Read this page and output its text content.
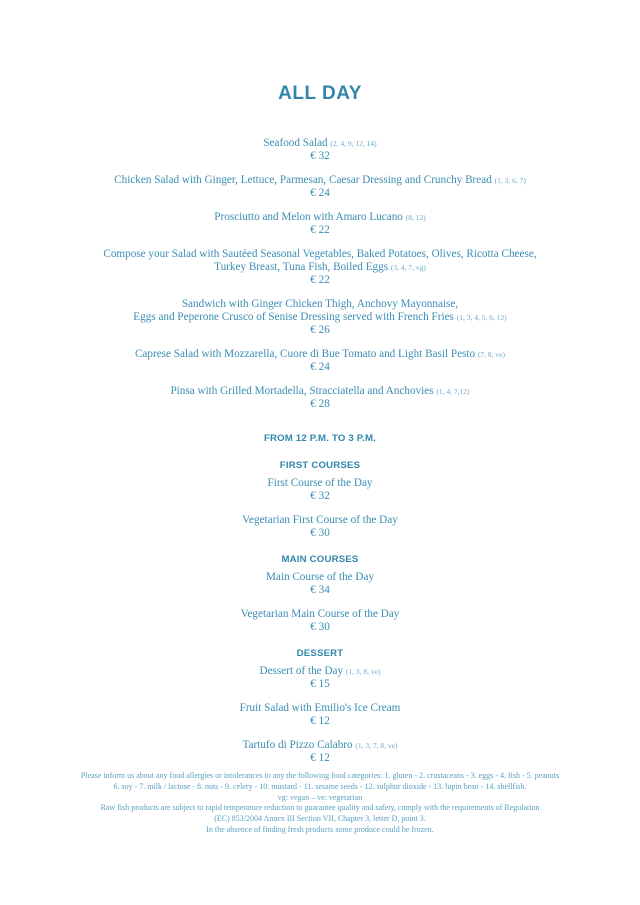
ALL DAY
Seafood Salad (2, 4, 9, 12, 14)
€ 32
Chicken Salad with Ginger, Lettuce, Parmesan, Caesar Dressing and Crunchy Bread (1, 3, 6, 7)
€ 24
Prosciutto and Melon with Amaro Lucano (8, 12)
€ 22
Compose your Salad with Sautéed Seasonal Vegetables, Baked Potatoes, Olives, Ricotta Cheese,
Turkey Breast, Tuna Fish, Boiled Eggs (3, 4, 7, vg)
€ 22
Sandwich with Ginger Chicken Thigh, Anchovy Mayonnaise,
Eggs and Peperone Crusco of Senise Dressing served with French Fries (1, 3, 4, 5, 6, 12)
€ 26
Caprese Salad with Mozzarella, Cuore di Bue Tomato and Light Basil Pesto (7, 8, ve)
€ 24
Pinsa with Grilled Mortadella, Stracciatella and Anchovies (1, 4, 7,12)
€ 28
FROM 12 P.M. TO 3 P.M.
FIRST COURSES
First Course of the Day
€ 32
Vegetarian First Course of the Day
€ 30
MAIN COURSES
Main Course of the Day
€ 34
Vegetarian Main Course of the Day
€ 30
DESSERT
Dessert of the Day (1, 3, 8, ve)
€ 15
Fruit Salad with Emilio's Ice Cream
€ 12
Tartufo di Pizzo Calabro (1, 3, 7, 8, ve)
€ 12
Please inform us about any food allergies or intolerances to any the following food categories: 1. gluten - 2. crustaceans - 3. eggs - 4. fish - 5. peanuts
6. soy - 7. milk / lactose - 8. nuts - 9. celery - 10. mustard - 11. sesame seeds - 12. sulphur dioxide - 13. lupin bean - 14. shellfish.
vg: vegan – ve: vegetarian
Raw fish products are subject to rapid temperature reduction to guarantee quality and safety, comply with the requirements of Regulation
(EC) 853/2004 Annex III Section VII, Chapter 3, letter D, point 3.
In the absence of finding fresh products some produce could be frozen.
